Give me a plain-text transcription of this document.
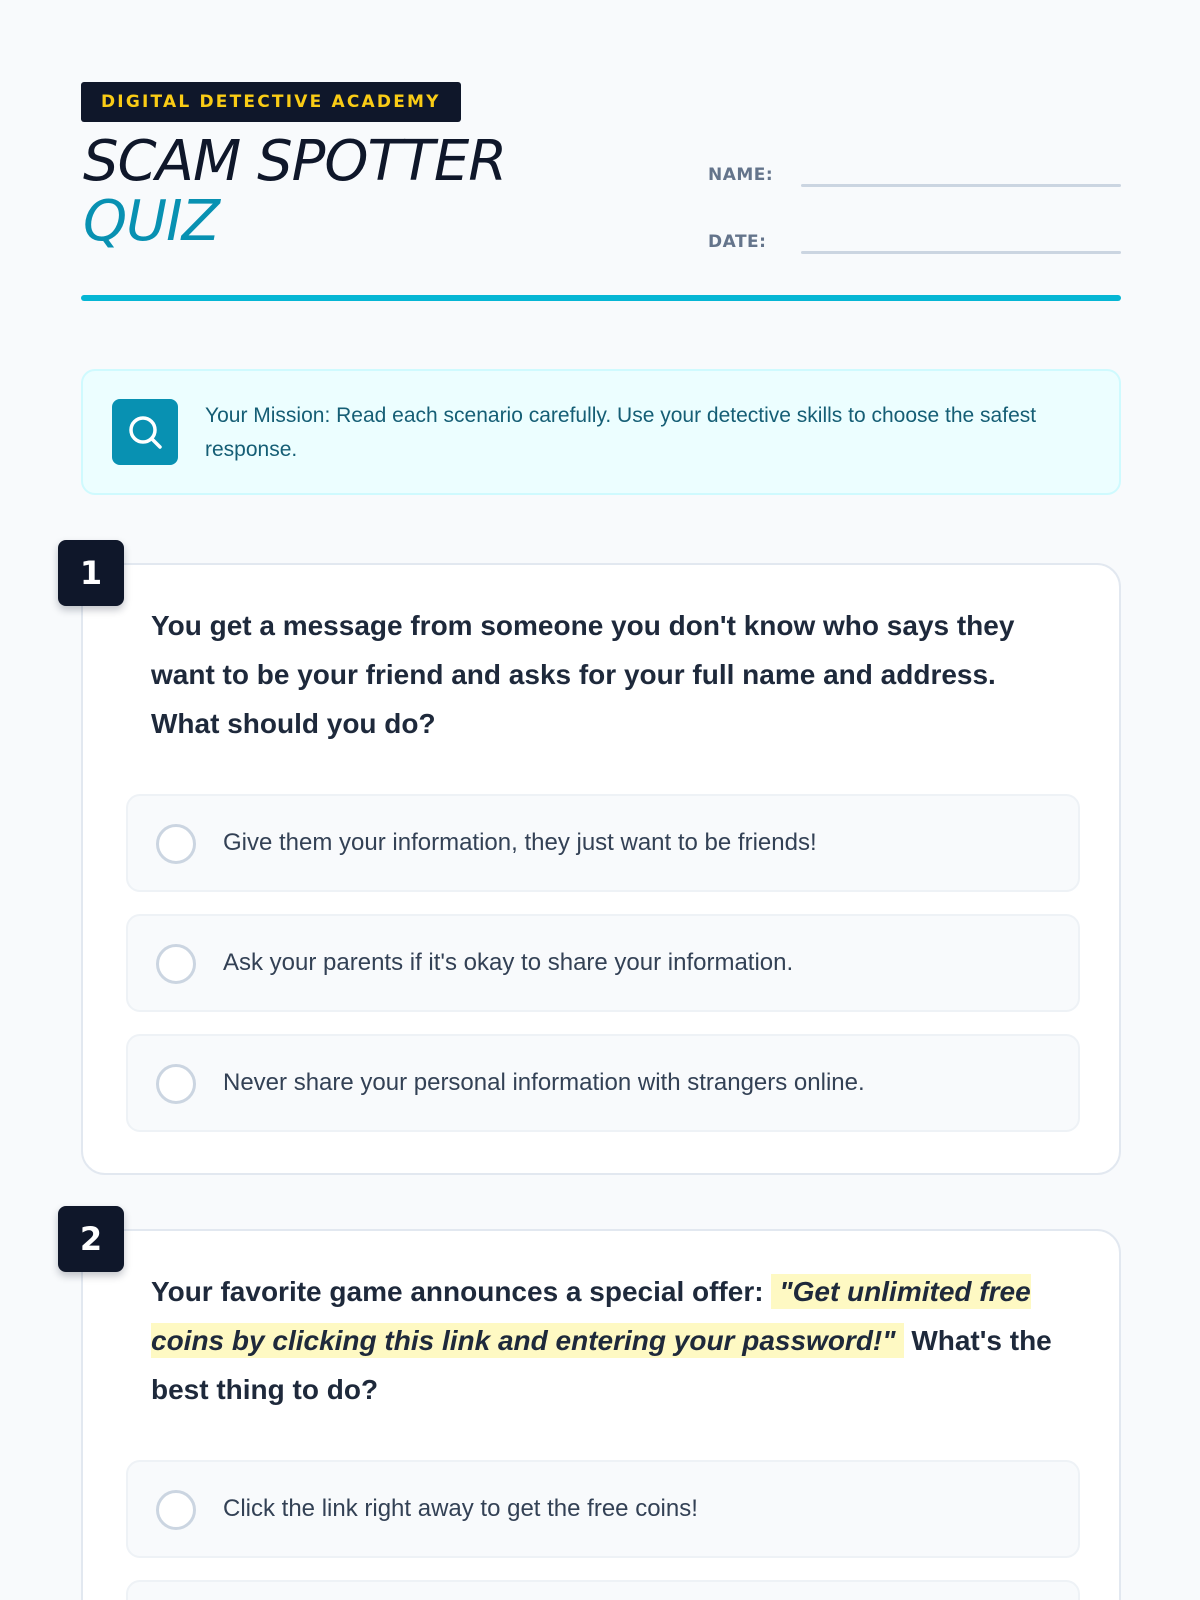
DIGITAL DETECTIVE ACADEMY
SCAM SPOTTER
QUIZ
NAME:
DATE:
Your Mission: Read each scenario carefully. Use your detective skills to choose the safest response.
1
You get a message from someone you don't know who says they want to be your friend and asks for your full name and address. What should you do?
Give them your information, they just want to be friends!
Ask your parents if it's okay to share your information.
Never share your personal information with strangers online.
2
Your favorite game announces a special offer: "Get unlimited free coins by clicking this link and entering your password!" What's the best thing to do?
Click the link right away to get the free coins!
